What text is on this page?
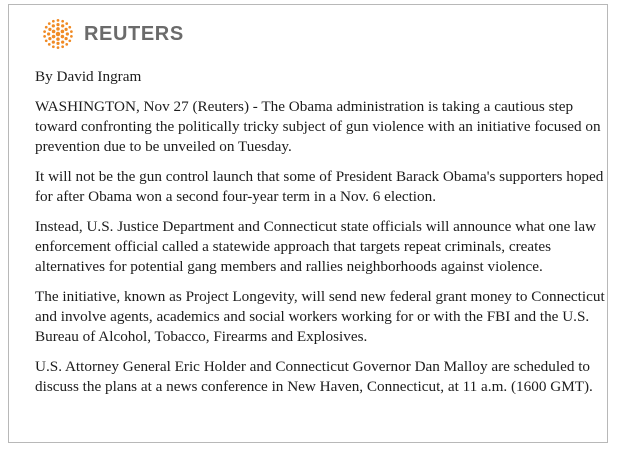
REUTERS

By David Ingram

WASHINGTON, Nov 27 (Reuters) - The Obama administration is taking a cautious step toward confronting the politically tricky subject of gun violence with an initiative focused on prevention due to be unveiled on Tuesday.

It will not be the gun control launch that some of President Barack Obama's supporters hoped for after Obama won a second four-year term in a Nov. 6 election.

Instead, U.S. Justice Department and Connecticut state officials will announce what one law enforcement official called a statewide approach that targets repeat criminals, creates alternatives for potential gang members and rallies neighborhoods against violence.

The initiative, known as Project Longevity, will send new federal grant money to Connecticut and involve agents, academics and social workers working for or with the FBI and the U.S. Bureau of Alcohol, Tobacco, Firearms and Explosives.

U.S. Attorney General Eric Holder and Connecticut Governor Dan Malloy are scheduled to discuss the plans at a news conference in New Haven, Connecticut, at 11 a.m. (1600 GMT).
